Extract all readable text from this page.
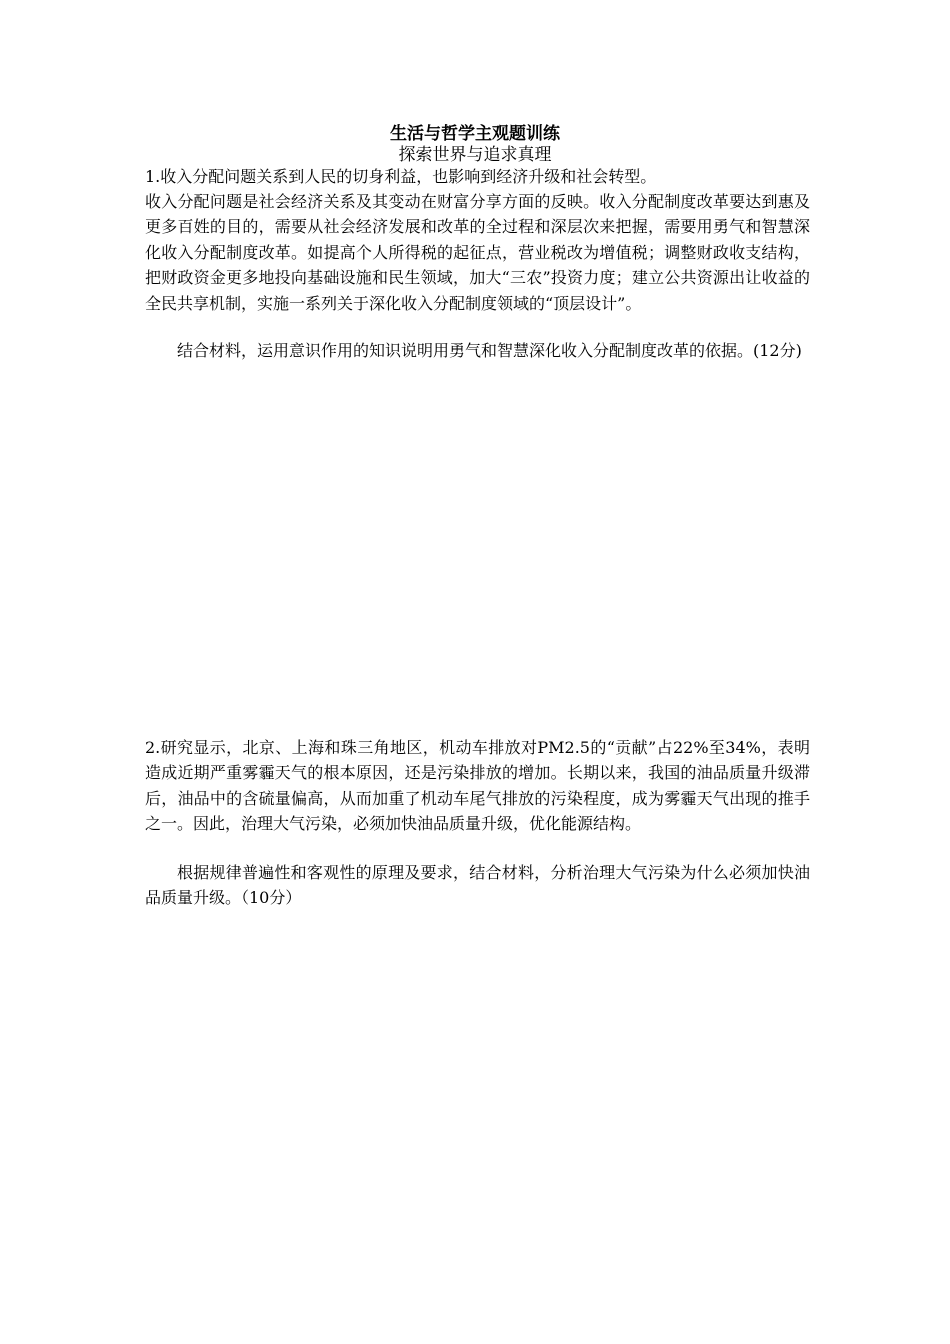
生活与哲学主观题训练
探索世界与追求真理

1.收入分配问题关系到人民的切身利益，也影响到经济升级和社会转型。

收入分配问题是社会经济关系及其变动在财富分享方面的反映。收入分配制度改革要达到惠及更多百姓的目的，需要从社会经济发展和改革的全过程和深层次来把握，需要用勇气和智慧深化收入分配制度改革。如提高个人所得税的起征点，营业税改为增值税；调整财政收支结构，把财政资金更多地投向基础设施和民生领域，加大“三农”投资力度；建立公共资源出让收益的全民共享机制，实施一系列关于深化收入分配制度领域的“顶层设计”。

结合材料，运用意识作用的知识说明用勇气和智慧深化收入分配制度改革的依据。(12分)

2.研究显示，北京、上海和珠三角地区，机动车排放对PM2.5的“贡献”占22%至34%，表明造成近期严重雾霾天气的根本原因，还是污染排放的增加。长期以来，我国的油品质量升级滞后，油品中的含硫量偏高，从而加重了机动车尾气排放的污染程度，成为雾霾天气出现的推手之一。因此，治理大气污染，必须加快油品质量升级，优化能源结构。

根据规律普遍性和客观性的原理及要求，结合材料，分析治理大气污染为什么必须加快油品质量升级。（10分）
